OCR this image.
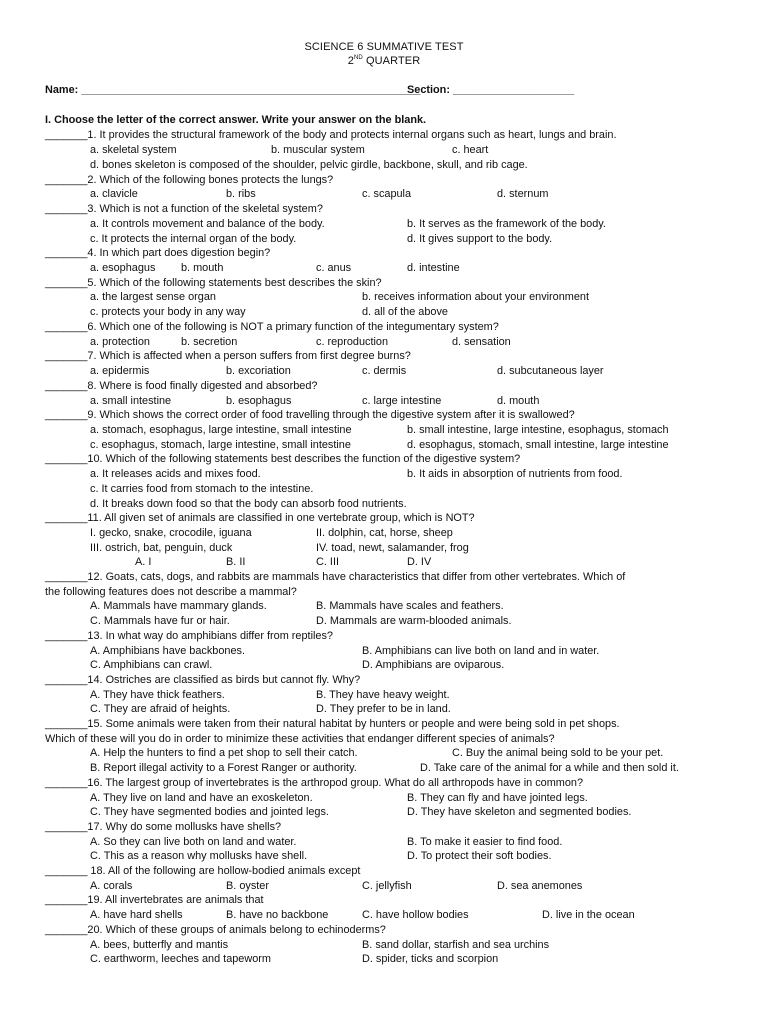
SCIENCE 6 SUMMATIVE TEST
2ND QUARTER
Name: ________________________________________________________
Section: ____________________
I. Choose the letter of the correct answer. Write your answer on the blank.
_______1. It provides the structural framework of the body and protects internal organs such as heart, lungs and brain.
a. skeletal system	b. muscular system	c. heart
d. bones skeleton is composed of the shoulder, pelvic girdle, backbone, skull, and rib cage.
_______2. Which of the following bones protects the lungs?
a. clavicle	b. ribs	c. scapula	d. sternum
_______3. Which is not a function of the skeletal system?
a. It controls movement and balance of the body.	b. It serves as the framework of the body.
c. It protects the internal organ of the body.	d. It gives support to the body.
_______4. In which part does digestion begin?
a. esophagus b. mouth	c. anus	d. intestine
_______5. Which of the following statements best describes the skin?
a. the largest sense organ	b. receives information about your environment
c. protects your body in any way	d. all of the above
_______6. Which one of the following is NOT a primary function of the integumentary system?
a. protection	b. secretion	c. reproduction	d. sensation
_______7. Which is affected when a person suffers from first degree burns?
a. epidermis	b. excoriation	c. dermis	d. subcutaneous layer
_______8. Where is food finally digested and absorbed?
a. small intestine	b. esophagus	c. large intestine	d. mouth
_______9. Which shows the correct order of food travelling through the digestive system after it is swallowed?
a. stomach, esophagus, large intestine, small intestine	b. small intestine, large intestine, esophagus, stomach
c. esophagus, stomach, large intestine, small intestine	d. esophagus, stomach, small intestine, large intestine
_______10. Which of the following statements best describes the function of the digestive system?
a. It releases acids and mixes food.	b. It aids in absorption of nutrients from food.
c. It carries food from stomach to the intestine.
d. It breaks down food so that the body can absorb food nutrients.
_______11. All given set of animals are classified in one vertebrate group, which is NOT?
I. gecko, snake, crocodile, iguana	II. dolphin, cat, horse, sheep
III. ostrich, bat, penguin, duck	IV. toad, newt, salamander, frog
A. I	B. II	C. III	D. IV
_______12. Goats, cats, dogs, and rabbits are mammals have characteristics that differ from other vertebrates. Which of
the following features does not describe a mammal?
A. Mammals have mammary glands.	B. Mammals have scales and feathers.
C. Mammals have fur or hair.	D. Mammals are warm-blooded animals.
_______13. In what way do amphibians differ from reptiles?
A. Amphibians have backbones.	B. Amphibians can live both on land and in water.
C. Amphibians can crawl.	D. Amphibians are oviparous.
_______14. Ostriches are classified as birds but cannot fly. Why?
A. They have thick feathers.	B. They have heavy weight.
C. They are afraid of heights.	D. They prefer to be in land.
_______15. Some animals were taken from their natural habitat by hunters or people and were being sold in pet shops.
Which of these will you do in order to minimize these activities that endanger different species of animals?
A. Help the hunters to find a pet shop to sell their catch.	C. Buy the animal being sold to be your pet.
B. Report illegal activity to a Forest Ranger or authority.	D. Take care of the animal for a while and then sold it.
_______16. The largest group of invertebrates is the arthropod group. What do all arthropods have in common?
A. They live on land and have an exoskeleton.	B. They can fly and have jointed legs.
C. They have segmented bodies and jointed legs.	D. They have skeleton and segmented bodies.
_______17. Why do some mollusks have shells?
A. So they can live both on land and water.	B. To make it easier to find food.
C. This as a reason why mollusks have shell.	D. To protect their soft bodies.
_______ 18. All of the following are hollow-bodied animals except
A. corals	B. oyster	C. jellyfish	D. sea anemones
_______19. All invertebrates are animals that
A. have hard shells	B. have no backbone	C. have hollow bodies	D. live in the ocean
_______20. Which of these groups of animals belong to echinoderms?
A. bees, butterfly and mantis	B. sand dollar, starfish and sea urchins
C. earthworm, leeches and tapeworm	D. spider, ticks and scorpion
